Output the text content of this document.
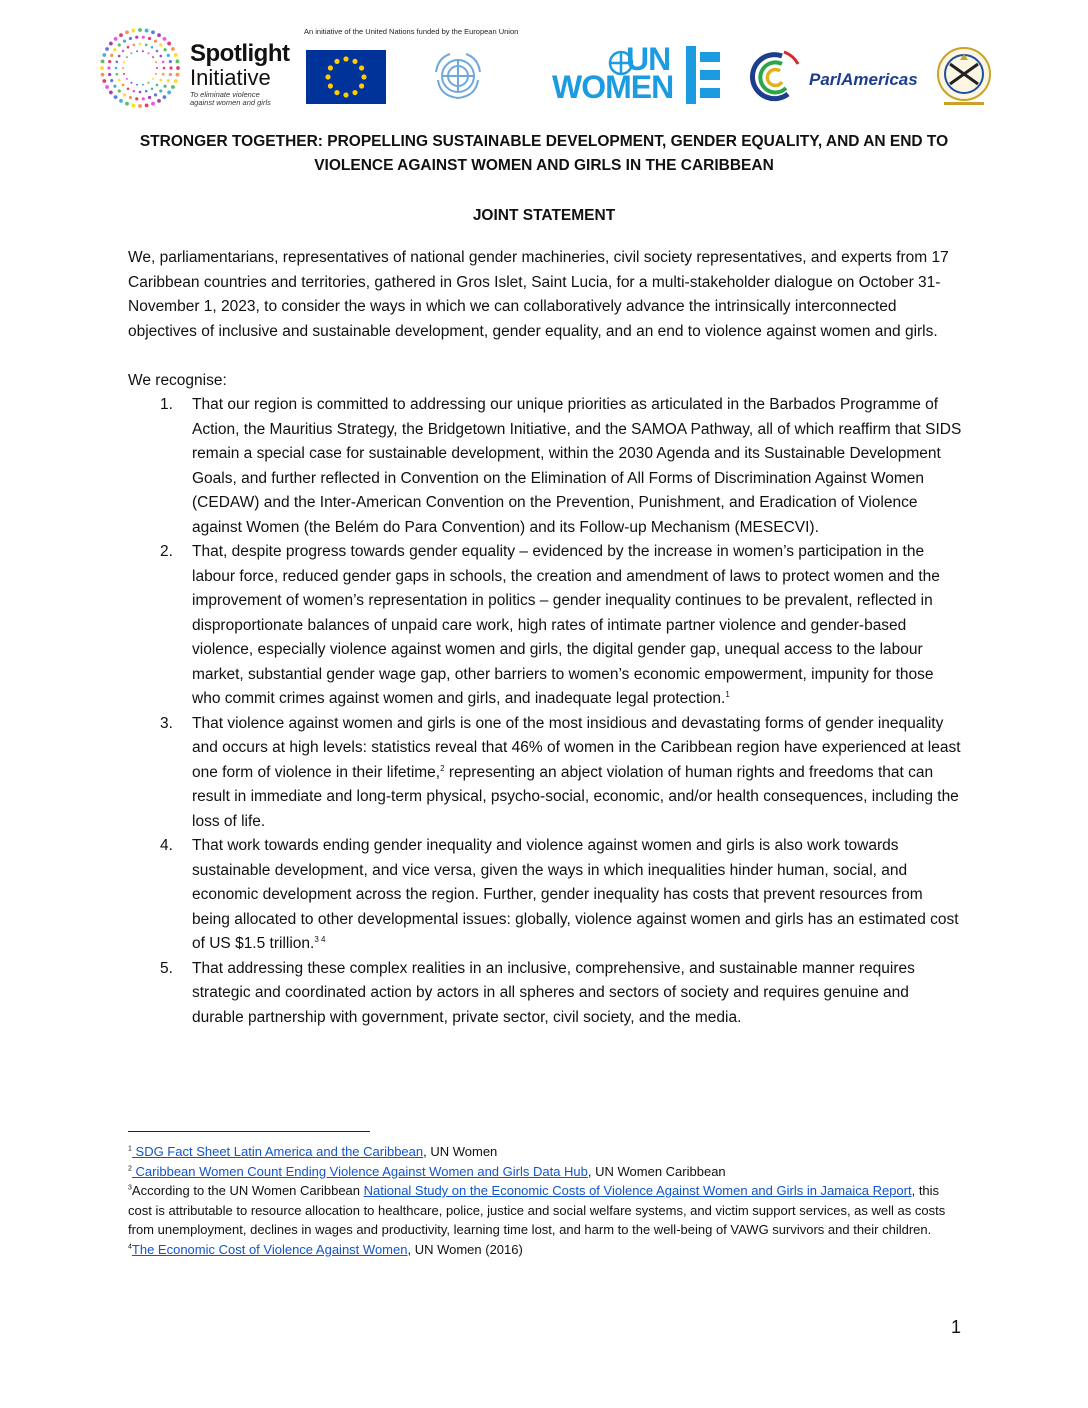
Spotlight
Initiative
To eliminate violence
against women and girls
An initiative of the United Nations funded by the European Union
UN
WOMEN	ParlAmericas
STRONGER TOGETHER: PROPELLING SUSTAINABLE DEVELOPMENT, GENDER EQUALITY, AND AN END TO VIOLENCE AGAINST WOMEN AND GIRLS IN THE CARIBBEAN
JOINT STATEMENT

We, parliamentarians, representatives of national gender machineries, civil society representatives, and experts from 17 Caribbean countries and territories, gathered in Gros Islet, Saint Lucia, for a multi-stakeholder dialogue on October 31-November 1, 2023, to consider the ways in which we can collaboratively advance the intrinsically interconnected objectives of inclusive and sustainable development, gender equality, and an end to violence against women and girls.

We recognise:

1. That our region is committed to addressing our unique priorities as articulated in the Barbados Programme of Action, the Mauritius Strategy, the Bridgetown Initiative, and the SAMOA Pathway, all of which reaffirm that SIDS remain a special case for sustainable development, within the 2030 Agenda and its Sustainable Development Goals, and further reflected in Convention on the Elimination of All Forms of Discrimination Against Women (CEDAW) and the Inter-American Convention on the Prevention, Punishment, and Eradication of Violence against Women (the Belém do Para Convention) and its Follow-up Mechanism (MESECVI).
2. That, despite progress towards gender equality – evidenced by the increase in women’s participation in the labour force, reduced gender gaps in schools, the creation and amendment of laws to protect women and the improvement of women’s representation in politics – gender inequality continues to be prevalent, reflected in disproportionate balances of unpaid care work, high rates of intimate partner violence and gender-based violence, especially violence against women and girls, the digital gender gap, unequal access to the labour market, substantial gender wage gap, other barriers to women’s economic empowerment, impunity for those who commit crimes against women and girls, and inadequate legal protection.$^1$
3. That violence against women and girls is one of the most insidious and devastating forms of gender inequality and occurs at high levels: statistics reveal that 46% of women in the Caribbean region have experienced at least one form of violence in their lifetime,$^2$ representing an abject violation of human rights and freedoms that can result in immediate and long-term physical, psycho-social, economic, and/or health consequences, including the loss of life.
4. That work towards ending gender inequality and violence against women and girls is also work towards sustainable development, and vice versa, given the ways in which inequalities hinder human, social, and economic development across the region. Further, gender inequality has costs that prevent resources from being allocated to other developmental issues: globally, violence against women and girls has an estimated cost of US $1.5 trillion.$^{3 4}$
5. That addressing these complex realities in an inclusive, comprehensive, and sustainable manner requires strategic and coordinated action by actors in all spheres and sectors of society and requires genuine and durable partnership with government, private sector, civil society, and the media.

$^1$ SDG Fact Sheet Latin America and the Caribbean, UN Women

$^2$ Caribbean Women Count Ending Violence Against Women and Girls Data Hub, UN Women Caribbean

$^3$According to the UN Women Caribbean National Study on the Economic Costs of Violence Against Women and Girls in Jamaica Report, this cost is attributable to resource allocation to healthcare, police, justice and social welfare systems, and victim support services, as well as costs from unemployment, declines in wages and productivity, learning time lost, and harm to the well-being of VAWG survivors and their children.

$^4$The Economic Cost of Violence Against Women, UN Women (2016)

1
